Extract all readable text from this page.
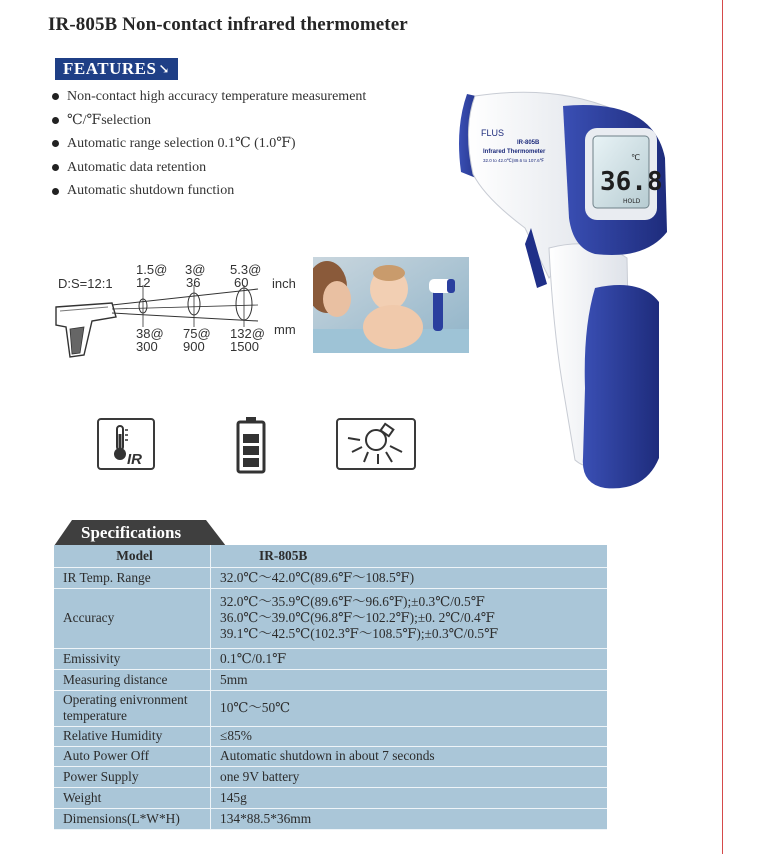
IR-805B Non-contact infrared thermometer
FEATURES ↘
Non-contact high accuracy temperature measurement
℃/℉selection
Automatic range selection 0.1℃ (1.0℉)
Automatic data retention
Automatic shutdown function
D:S=12:1
1.5@
12
3@
36
5.3@
60 inch
38@
300
75@
900
132@
1500
mm
IR
36.8
℃
HOLD
FLUS
IR-805B
Infrared Thermometer
32.0 to 42.0℃(89.6 to 107.6℉
Specifications
Model	IR-805B
IR Temp. Range	32.0℃～42.0℃(89.6℉～108.5℉)
Accuracy	32.0℃～35.9℃(89.6℉～96.6℉);±0.3℃/0.5℉
36.0℃～39.0℃(96.8℉～102.2℉);±0. 2℃/0.4℉
39.1℃～42.5℃(102.3℉～108.5℉);±0.3℃/0.5℉

Emissivity	0.1℃/0.1℉
Measuring distance	5mm
Operating enivronment temperature	10℃～50℃
Relative Humidity	≤85%
Auto Power Off	Automatic shutdown in about 7 seconds
Power Supply	one 9V battery
Weight	145g
Dimensions(L*W*H)	134*88.5*36mm
